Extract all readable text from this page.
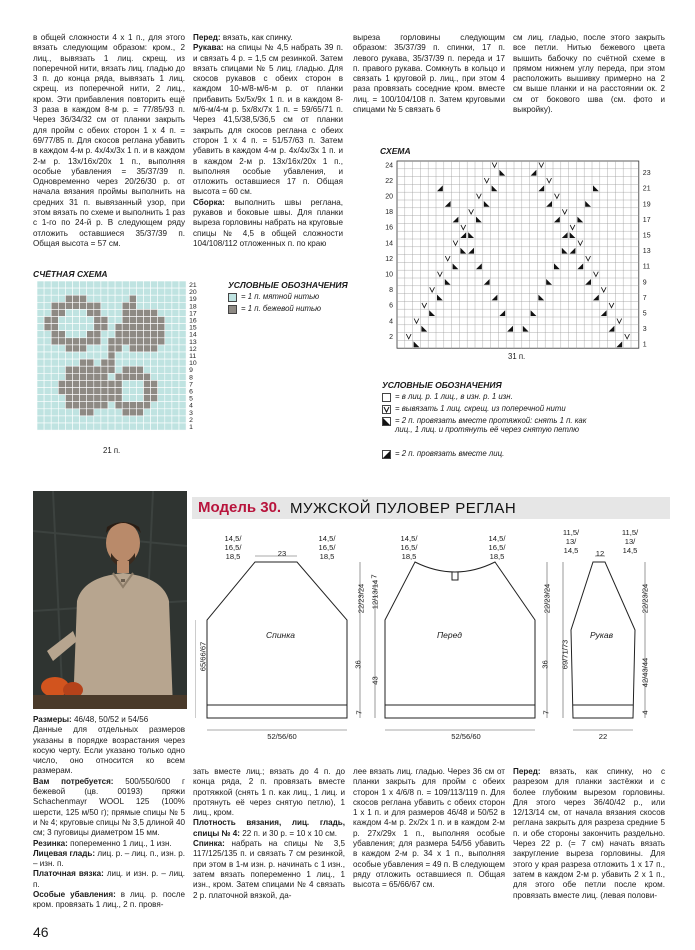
в общей сложности 4 х 1 п., для этого вязать следующим образом: кром., 2 лиц., вывязать 1 лиц. скрещ. из поперечной нити, вязать лиц. гладью до 3 п. до конца ряда, вывязать 1 лиц. скрещ. из поперечной нити, 2 лиц., кром. Эти прибавления повторить ещё 3 раза в каждом 8-м р. = 77/85/93 п. Через 36/34/32 см от планки закрыть для пройм с обеих сторон 1 х 4 п. = 69/77/85 п. Для скосов реглана убавить в каждом 4-м р. 4х/4х/3х 1 п. и в каждом 2-м р. 13х/16х/20х 1 п., выполняя особые убавления = 35/37/39 п. Одновременно через 20/26/30 р. от начала вязания проймы выполнить на средних 31 п. вывязанный узор, при этом вязать по схеме и выполнить 1 раз с 1-го по 24-й р. В следующем ряду отложить оставшиеся 35/37/39 п. Общая высота = 57 см.
Перед: вязать, как спинку.
Рукава: на спицы № 4,5 набрать 39 п. и связать 4 р. = 1,5 см резинкой. Затем вязать спицами № 5 лиц. гладью. Для скосов рукавов с обеих сторон в каждом 10-м/8-м/6-м р. от планки прибавить 5х/5х/9х 1 п. и в каждом 8-м/6-м/4-м р. 5х/8х/7х 1 п. = 59/65/71 п. Через 41,5/38,5/36,5 см от планки закрыть для скосов реглана с обеих сторон 1 х 4 п. = 51/57/63 п. Затем убавить в каждом 4-м р. 4х/4х/3х 1 п. и в каждом 2-м р. 13х/16х/20х 1 п., выполняя особые убавления, и отложить оставшиеся 17 п. Общая высота = 60 см.
Сборка: выполнить швы реглана, рукавов и боковые швы. Для планки выреза горловины набрать на круговые спицы № 4,5 в общей сложности 104/108/112 отложенных п. по краю
выреза горловины следующим образом: 35/37/39 п. спинки, 17 п. левого рукава, 35/37/39 п. переда и 17 п. правого рукава. Сомкнуть в кольцо и связать 1 круговой р. лиц., при этом 4 раза провязать соседние кром. вместе лиц. = 100/104/108 п. Затем круговыми спицами № 5 связать 6
см лиц. гладью, после этого закрыть все петли. Нитью бежевого цвета вышить бабочку по счётной схеме в прямом нижнем углу переда, при этом расположить вышивку примерно на 2 см выше планки и на расстоянии ок. 2 см от бокового шва (см. фото и выкройку).
СЧЁТНАЯ СХЕМА
21
20
19
18
17
16
15
14
13
12
11
10
9
8
7
6
5
4
3
2
1
21 п.
УСЛОВНЫЕ ОБОЗНАЧЕНИЯ
= 1 п. мятной нитью
= 1 п. бежевой нитью
СХЕМА
1
2
3
4
5
6
7
8
9
10
11
12
13
14
15
16
17
18
19
20
21
22
23
24
31 п.
УСЛОВНЫЕ ОБОЗНАЧЕНИЯ
= в лиц. р. 1 лиц., в изн. р. 1 изн.
= вывязать 1 лиц. скрещ. из поперечной нити
= 2 п. провязать вместе протяжкой: снять 1 п. как лиц., 1 лиц. и протянуть её через снятую петлю
= 2 п. провязать вместе лиц.
Модель 30. МУЖСКОЙ ПУЛОВЕР РЕГЛАН
14,5/
16,5/
18,5	23
14,5/
16,5/
18,5
Спинка
65/66/67
22/23/24
36
7
52/56/60
14,5/
16,5/
18,5
14,5/
16,5/
18,5
12/13/14
7
Перед
43
22/23/24
36
7
52/56/60
11,5/
13/
14,5	12
11,5/
13/
14,5
Рукав
69/71/73
22/23/24
42/43/44
4
22
Размеры: 46/48, 50/52 и 54/56
Данные для отдельных размеров указаны в порядке возрастания через косую черту. Если указано только одно число, оно относится ко всем размерам.
Вам потребуется: 500/550/600 г бежевой (цв. 00193) пряжи Schachenmayr WOOL 125 (100% шерсти, 125 м/50 г); прямые спицы № 5 и № 4; круговые спицы № 3,5 длиной 40 см; 3 пуговицы диаметром 15 мм.
Резинка: попеременно 1 лиц., 1 изн.
Лицевая гладь: лиц. р. – лиц. п., изн. р. – изн. п.
Платочная вязка: лиц. и изн. р. – лиц. п.
Особые убавления: в лиц. р. после кром. провязать 1 лиц., 2 п. провя-
зать вместе лиц.; вязать до 4 п. до конца ряда, 2 п. провязать вместе протяжкой (снять 1 п. как лиц., 1 лиц. и протянуть её через снятую петлю), 1 лиц., кром.
Плотность вязания, лиц. гладь, спицы № 4: 22 п. и 30 р. = 10 х 10 см.
Спинка: набрать на спицы № 3,5 117/125/135 п. и связать 7 см резинкой, при этом в 1-м изн. р. начинать с 1 изн., затем вязать попеременно 1 лиц., 1 изн., кром. Затем спицами № 4 связать 2 р. платочной вязкой, да-
лее вязать лиц. гладью. Через 36 см от планки закрыть для пройм с обеих сторон 1 х 4/6/8 п. = 109/113/119 п. Для скосов реглана убавить с обеих сторон 1 х 1 п. и для размеров 46/48 и 50/52 в каждом 4-м р. 2х/2х 1 п. и в каждом 2-м р. 27х/29х 1 п., выполняя особые убавления; для размера 54/56 убавить в каждом 2-м р. 34 х 1 п., выполняя особые убавления = 49 п. В следующем ряду отложить оставшиеся п. Общая высота = 65/66/67 см.
Перед: вязать, как спинку, но с разрезом для планки застёжки и с более глубоким вырезом горловины. Для этого через 36/40/42 р., или 12/13/14 см, от начала вязания скосов реглана закрыть для разреза средние 5 п. и обе стороны закончить раздельно. Через 22 р. (= 7 см) начать вязать закругление выреза горловины. Для этого у края разреза отложить 1 х 17 п., затем в каждом 2-м р. убавить 2 х 1 п., для этого обе петли после кром. провязать вместе лиц. (левая полови-
46
